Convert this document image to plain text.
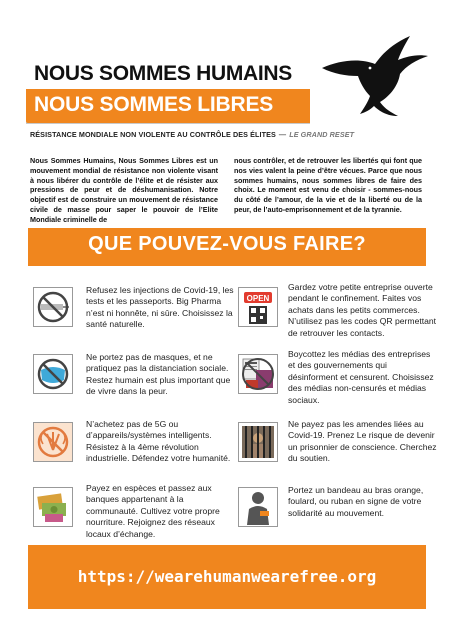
NOUS SOMMES HUMAINS
NOUS SOMMES LIBRES
RÉSISTANCE MONDIALE NON VIOLENTE AU CONTRÔLE DES ÉLITES — LE GRAND RESET

Nous Sommes Humains, Nous Sommes Libres est un mouvement mondial de résistance non violente visant à nous libérer du contrôle de l’élite et de résister aux pressions de peur et de déshumanisation. Notre objectif est de construire un mouvement de résistance civile de masse pour saper le pouvoir de l’Elite Mondiale criminelle de

nous contrôler, et de retrouver les libertés qui font que nos vies valent la peine d’être vécues. Parce que nous sommes humains, nous sommes libres de faire des choix. Le moment est venu de choisir - sommes-nous du côté de l’amour, de la vie et de la liberté ou de la peur, de l’auto-emprisonnement et de la tyrannie.

QUE POUVEZ-VOUS FAIRE?
Refusez les injections de Covid-19, les tests et les passeports. Big Pharma n’est ni honnête, ni sûre. Choisissez la santé naturelle.
OPEN
Gardez votre petite entreprise ouverte pendant le confinement. Faites vos achats dans les petits commerces. N’utilisez pas les codes QR permettant de retrouver les contacts.
Ne portez pas de masques, et ne pratiquez pas la distanciation sociale. Restez humain est plus important que de vivre dans la peur.
Boycottez les médias des entreprises et des gouvernements qui désinforment et censurent. Choisissez des médias non-censurés et médias sociaux.
N’achetez pas de 5G ou d’appareils/systèmes intelligents. Résistez à la 4ème révolution industrielle. Défendez votre humanité.
Ne payez pas les amendes liées au Covid-19. Prenez Le risque de devenir un prisonnier de conscience. Cherchez du soutien.
Payez en espèces et passez aux banques appartenant à la communauté. Cultivez votre propre nourriture. Rejoignez des réseaux locaux d’échange.
Portez un bandeau au bras orange, foulard, ou ruban en signe de votre solidarité au mouvement.
https://wearehumanwearefree.org
